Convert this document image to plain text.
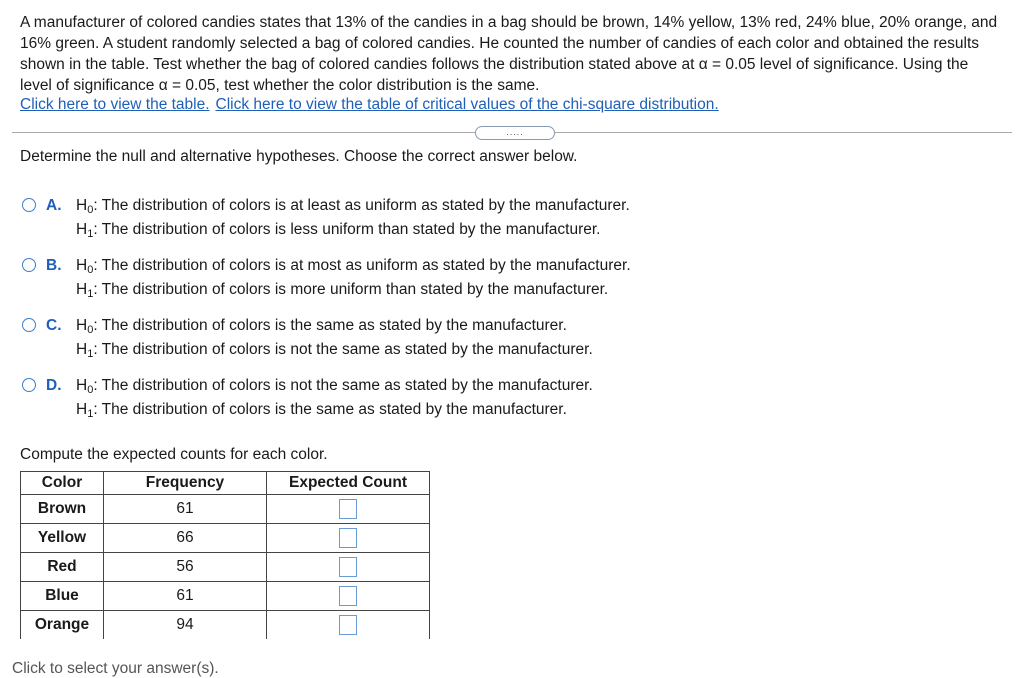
A manufacturer of colored candies states that 13% of the candies in a bag should be brown, 14% yellow, 13% red, 24% blue, 20% orange, and 16% green. A student randomly selected a bag of colored candies. He counted the number of candies of each color and obtained the results shown in the table. Test whether the bag of colored candies follows the distribution stated above at α = 0.05 level of significance. Using the level of significance α = 0.05, test whether the color distribution is the same.

Click here to view the table. Click here to view the table of critical values of the chi-square distribution.
.....
Determine the null and alternative hypotheses. Choose the correct answer below.
A. $H_0$: The distribution of colors is at least as uniform as stated by the manufacturer.
$H_1$: The distribution of colors is less uniform than stated by the manufacturer.
B. $H_0$: The distribution of colors is at most as uniform as stated by the manufacturer.
$H_1$: The distribution of colors is more uniform than stated by the manufacturer.
C. $H_0$: The distribution of colors is the same as stated by the manufacturer.
$H_1$: The distribution of colors is not the same as stated by the manufacturer.
D. $H_0$: The distribution of colors is not the same as stated by the manufacturer.
$H_1$: The distribution of colors is the same as stated by the manufacturer.
Compute the expected counts for each color.
Color	Frequency	Expected Count
Brown	61	
Yellow	66	
Red	56	
Blue	61	
Orange	94	
Click to select your answer(s).
